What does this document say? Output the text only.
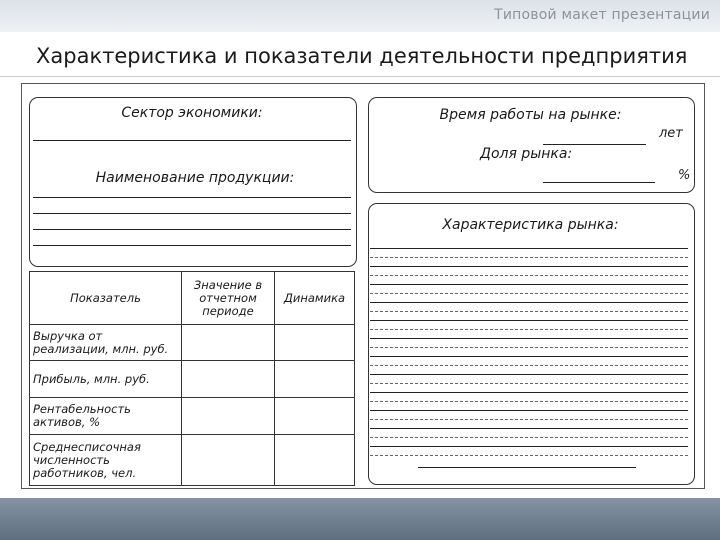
Типовой макет презентации
Характеристика и показатели деятельности предприятия
Сектор экономики:
Наименование продукции:
Время работы на рынке:
лет
Доля рынка:
%
Характеристика рынка:
Показатель	Значение в отчетном периоде	Динамика
Выручка от реализации, млн. руб.		
Прибыль, млн. руб.		
Рентабельность активов, %		
Среднесписочная численность работников, чел.		
